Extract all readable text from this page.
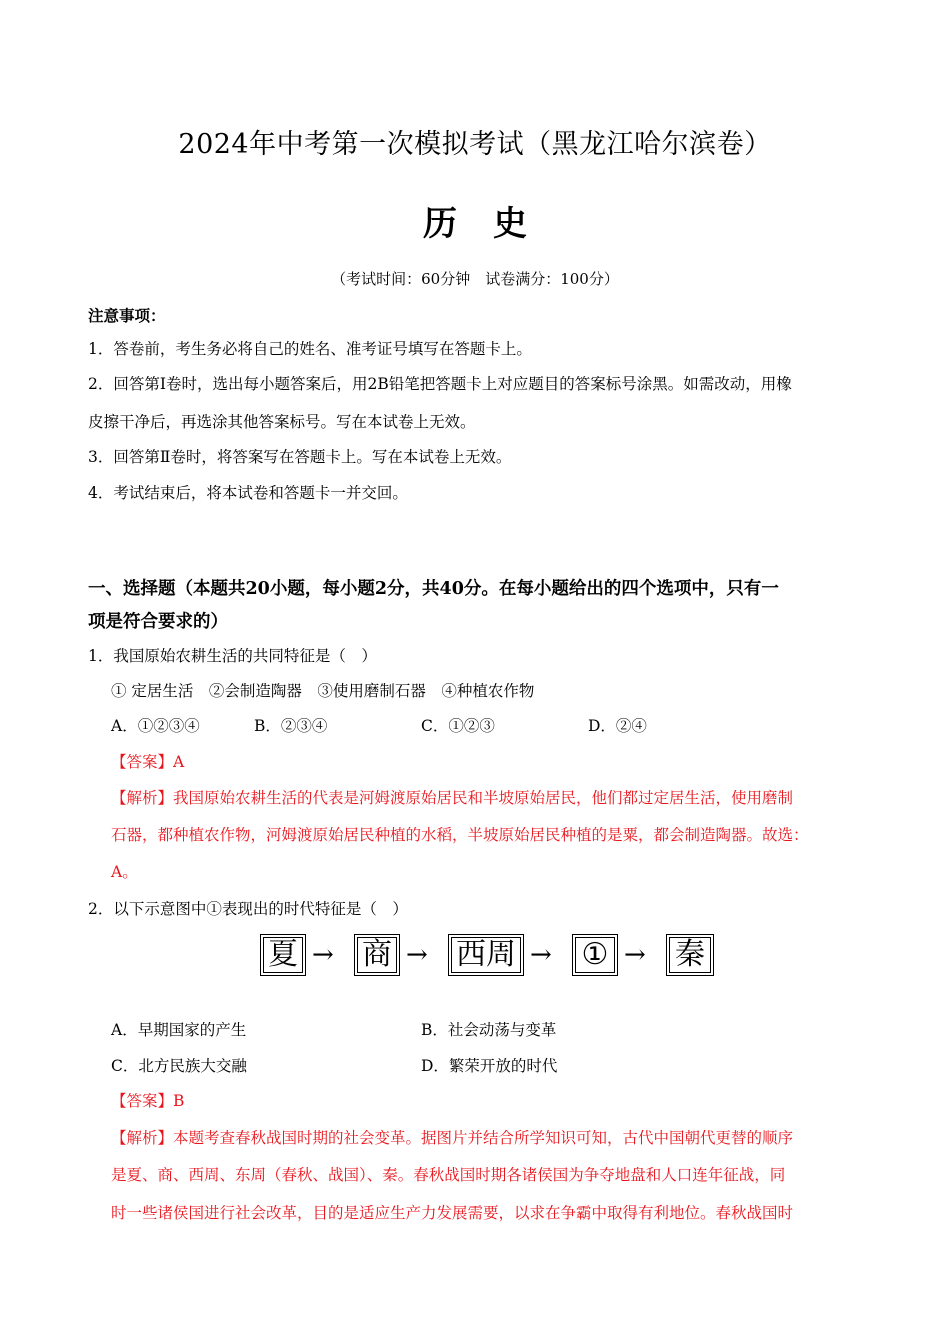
2024年中考第一次模拟考试（黑龙江哈尔滨卷）
历史
（考试时间：60分钟　试卷满分：100分）
注意事项：
1．答卷前，考生务必将自己的姓名、准考证号填写在答题卡上。
2．回答第Ⅰ卷时，选出每小题答案后，用2B铅笔把答题卡上对应题目的答案标号涂黑。如需改动，用橡
皮擦干净后，再选涂其他答案标号。写在本试卷上无效。
3．回答第Ⅱ卷时，将答案写在答题卡上。写在本试卷上无效。
4．考试结束后，将本试卷和答题卡一并交回。
一、选择题（本题共20小题，每小题2分，共40分。在每小题给出的四个选项中，只有一
项是符合要求的）
1．我国原始农耕生活的共同特征是（　）
① 定居生活　②会制造陶器　③使用磨制石器　④种植农作物
A．①②③④	B．②③④	C．①②③	D．②④
【答案】A
【解析】我国原始农耕生活的代表是河姆渡原始居民和半坡原始居民，他们都过定居生活，使用磨制
石器，都种植农作物，河姆渡原始居民种植的水稻，半坡原始居民种植的是粟，都会制造陶器。故选：
A。
2．以下示意图中①表现出的时代特征是（　）
夏 → 商 → 西周 → ① → 秦
A．早期国家的产生	B．社会动荡与变革
C．北方民族大交融	D．繁荣开放的时代
【答案】B
【解析】本题考查春秋战国时期的社会变革。据图片并结合所学知识可知，古代中国朝代更替的顺序
是夏、商、西周、东周（春秋、战国）、秦。春秋战国时期各诸侯国为争夺地盘和人口连年征战，同
时一些诸侯国进行社会改革，目的是适应生产力发展需要，以求在争霸中取得有利地位。春秋战国时
